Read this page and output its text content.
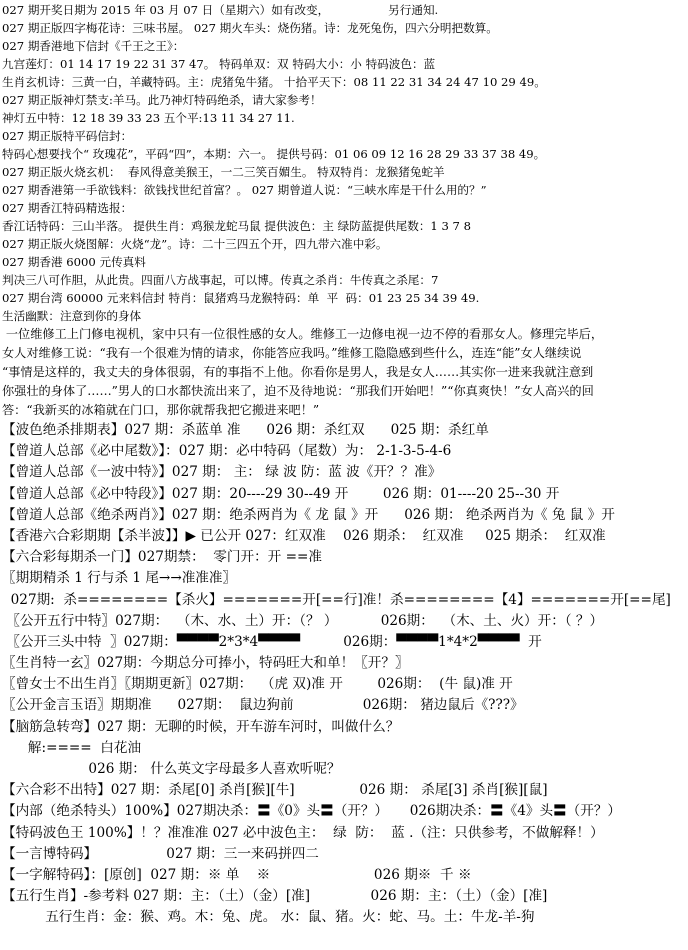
027 期开奖日期为 2015 年 03 月 07 日（星期六）如有改变，                另行通知.
027 期正版四字梅花诗：三味书屋。 027 期火车头：烧伤猪。诗：龙死兔伤，四六分明把数算。
027 期香港地下信封《千王之王》：
九宫莲灯：01 14 17 19 22 31 37 47。 特码单双：双 特码大小：小 特码波色：蓝
生肖玄机诗：三黄一白，羊藏特码。主：虎猪兔牛猪。 十拾平天下：08 11 22 31 34 24 47 10 29 49。
027 期正版神灯禁支:羊马。此乃神灯特码绝杀，请大家参考！
神灯五中特：12 18 39 33 23 五个平:13 11 34 27 11.
027 期正版特平码信封：
特码心想要找个“ 玫瑰花”，平码“四”，本期：六一。 提供号码：01 06 09 12 16 28 29 33 37 38 49。
027 期正版火烧玄机：  春风得意美猴王，一二三笑百媚生。 特双特肖：龙猴猪兔蛇羊
027 期香港第一手欲钱料：欲钱找世纪首富？。 027 期曾道人说：“三峡水库是干什么用的？”
027 期香江特码精选报：
香江话特码：三山半落。 提供生肖：鸡猴龙蛇马鼠 提供波色：主 绿防蓝提供尾数：1 3 7 8
027 期正版火烧图解：火烧“龙”。诗：二十三四五个开，四九带六准中彩。
027 期香港 6000 元传真料
判决三八可作胆，从此贵。四面八方战事起，可以博。传真之杀肖：牛传真之杀尾：7
027 期台湾 60000 元来料信封 特肖：鼠猪鸡马龙猴特码：单  平  码：01 23 25 34 39 49.
生活幽默：注意到你的身体
一位维修工上门修电视机，家中只有一位很性感的女人。维修工一边修电视一边不停的看那女人。修理完毕后，
女人对维修工说：“我有一个很难为情的请求，你能答应我吗。”维修工隐隐感到些什么，连连“能”女人继续说
“事情是这样的，我丈夫的身体很弱，有的事指不上他。你看你是男人，我是女人……其实你一进来我就注意到
你强壮的身体了……”男人的口水都快流出来了，迫不及待地说：“那我们开始吧！”“你真爽快！”女人高兴的回
答：“我新买的冰箱就在门口，那你就帮我把它搬进来吧！”
【波色绝杀排期表】027 期：杀蓝单 准      026 期：杀红双      025 期：杀红单
【曾道人总部《必中尾数》】：027 期：必中特码（尾数）为： 2-1-3-5-4-6
【曾道人总部《一波中特》】027 期： 主： 绿 波 防：蓝 波《开？？准》
【曾道人总部《必中特段》】027 期：20----29 30--49 开        026 期：01----20 25--30 开
【曾道人总部《绝杀两肖》】027 期：绝杀两肖为《 龙 鼠 》开      026 期： 绝杀两肖为《 兔 鼠 》开
【香港六合彩期期【杀半波】】▶ 已公开 027：红双准    026 期杀：  红双准     025 期杀：  红双准
【六合彩每期杀一门】027期禁：  零门开：开 ==准
〖期期精杀 1 行与杀 1 尾→→准准准〗
027期:  杀========【杀火】=======开[==行]准！杀========【4】=======开[==尾]
〖公开五行中特〗027期：  （木、水、土）开：（？ ）          026期：  （木、土、火）开：（ ？）
〖公开三头中特  〗027期：▀▀▀▀2*3*4▀▀▀▀          026期：▀▀▀▀1*4*2▀▀▀▀  开
〖生肖特一玄〗027期：今期总分可捧小，特码旺大和单！〖开？〗
〖曾女士不出生肖〗〖期期更新〗027期：  （虎 双)准 开        026期：  (牛 鼠)准 开
〖公开金言玉语〗期期准      027期：  鼠边狗前                026期： 猪边鼠后《???》
【脑筋急转弯】027 期：无聊的时候，开车游车河时，叫做什么？
解:====  白花油
026 期： 什么英文字母最多人喜欢听呢？
【六合彩不出特】027 期：杀尾[0] 杀肖[猴][牛]               026 期： 杀尾[3] 杀肖[猴][鼠]
【内部（绝杀特头）100%】027期决杀：〓《0》头〓（开？）     026期决杀：〓《4》头〓（开？）
【特码波色王 100%】！？准准准 027 必中波色主：  绿  防：  蓝 .（注：只供参考，不做解释！）
【一言博特码】                027 期：三一来码拼四二
【一字解特码】：[原创]  027 期：※ 单    ※                        026 期※  千 ※
【五行生肖】-参考料 027 期：主：（土）（金）[准]              026 期：主：（土）（金）[准]
五行生肖：金：猴、鸡。木：兔、虎。 水：鼠、猪。火：蛇、马。土：牛龙-羊-狗
